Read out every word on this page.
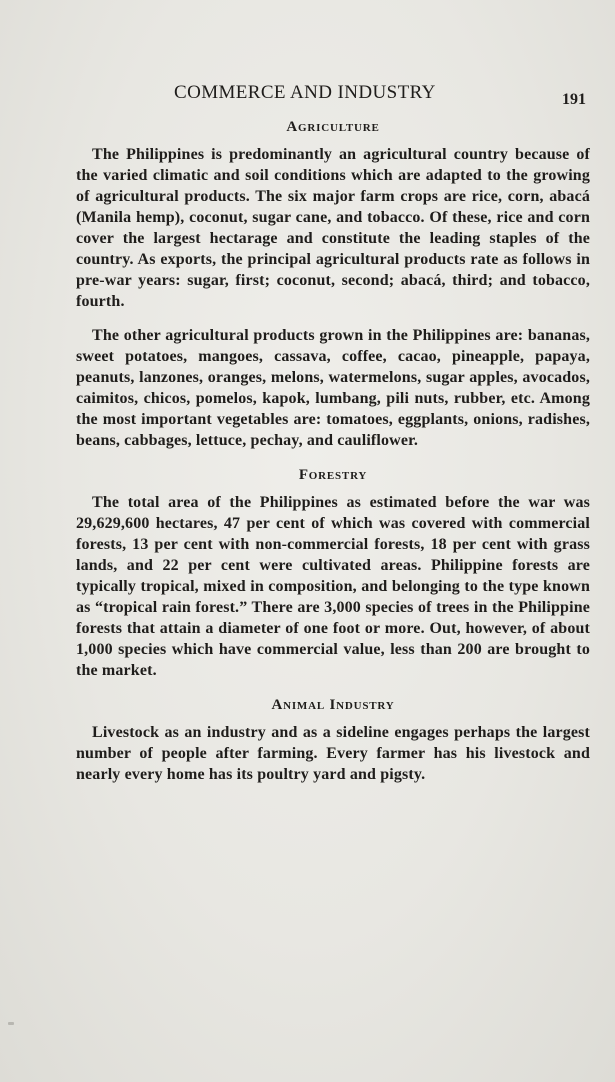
COMMERCE AND INDUSTRY	191
Agriculture

The Philippines is predominantly an agricultural country because of the varied climatic and soil conditions which are adapted to the growing of agricultural products. The six major farm crops are rice, corn, abacá (Manila hemp), coconut, sugar cane, and tobacco. Of these, rice and corn cover the largest hectarage and constitute the leading staples of the country. As exports, the principal agricultural products rate as follows in pre-war years: sugar, first; coconut, second; abacá, third; and tobacco, fourth.

The other agricultural products grown in the Philippines are: bananas, sweet potatoes, mangoes, cassava, coffee, cacao, pineapple, papaya, peanuts, lanzones, oranges, melons, watermelons, sugar apples, avocados, caimitos, chicos, pomelos, kapok, lumbang, pili nuts, rubber, etc. Among the most important vegetables are: tomatoes, eggplants, onions, radishes, beans, cabbages, lettuce, pechay, and cauliflower.

Forestry

The total area of the Philippines as estimated before the war was 29,629,600 hectares, 47 per cent of which was covered with commercial forests, 13 per cent with non-commercial forests, 18 per cent with grass lands, and 22 per cent were cultivated areas. Philippine forests are typically tropical, mixed in composition, and belonging to the type known as “tropical rain forest.” There are 3,000 species of trees in the Philippine forests that attain a diameter of one foot or more. Out, however, of about 1,000 species which have commercial value, less than 200 are brought to the market.

Animal Industry

Livestock as an industry and as a sideline engages perhaps the largest number of people after farming. Every farmer has his livestock and nearly every home has its poultry yard and pigsty.
